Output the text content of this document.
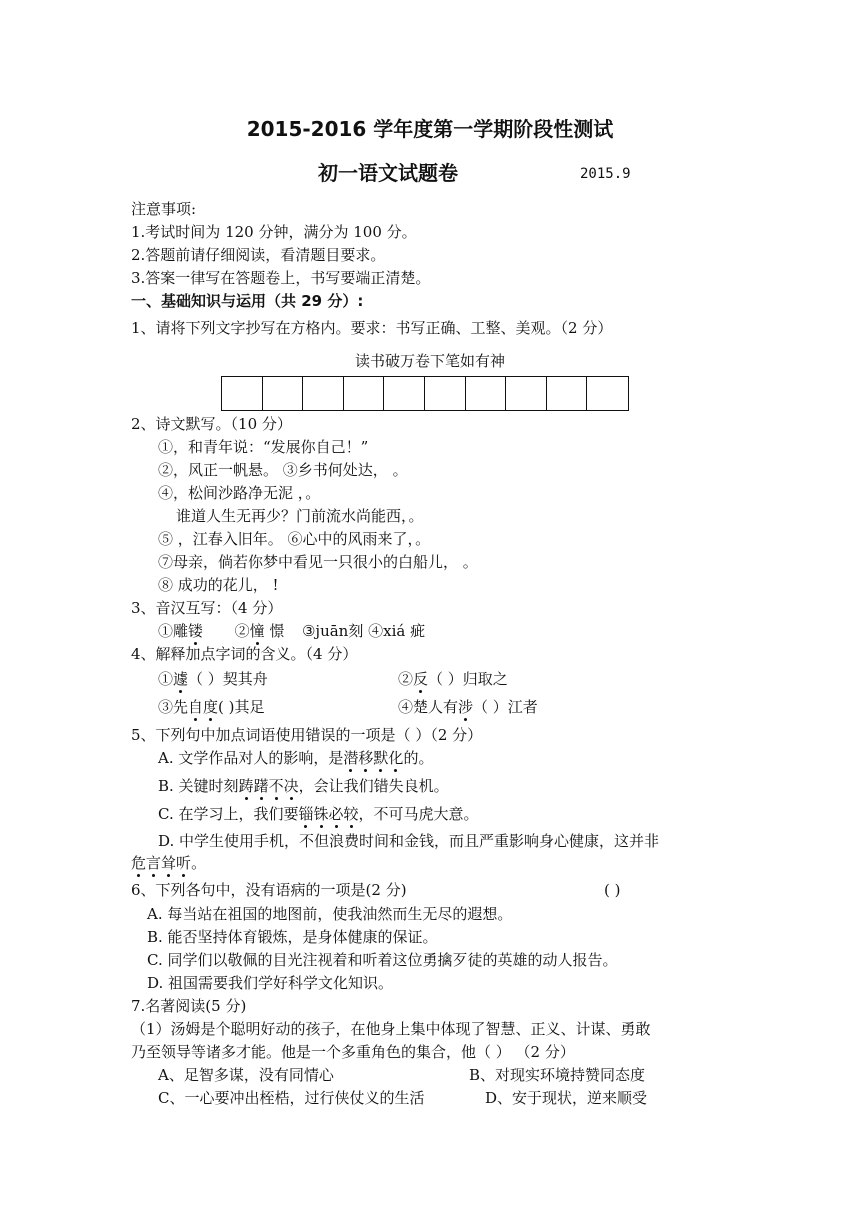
2015-2016 学年度第一学期阶段性测试
初一语文试题卷	2015.9
注意事项:
1.考试时间为 120 分钟，满分为 100 分。
2.答题前请仔细阅读，看清题目要求。
3.答案一律写在答题卷上，书写要端正清楚。
一、基础知识与运用（共 29 分）:
1、请将下列文字抄写在方格内。要求：书写正确、工整、美观。（2 分）
读书破万卷下笔如有神
2、诗文默写。（10 分）
①，和青年说：“发展你自己！”
②，风正一帆悬。 ③乡书何处达， 。
④，松间沙路净无泥 ，。
谁道人生无再少？门前流水尚能西，。
⑤ ，江春入旧年。 ⑥心中的风雨来了，。
⑦母亲，倘若你梦中看见一只很小的白船儿， 。
⑧ 成功的花儿， !
3、音汉互写：（4 分）
①雕镂 ②憧 憬 ③juān刻 ④xiá 疵
4、解释加点字词的含义。（4 分）
①遽（ ）契其舟	②反（ ）归取之
③先自度( )其足	④楚人有涉（ ）江者
5、下列句中加点词语使用错误的一项是（ ）（2 分）
A. 文学作品对人的影响，是潜移默化的。
B. 关键时刻踌躇不决，会让我们错失良机。
C. 在学习上，我们要锱铢必较，不可马虎大意。
D. 中学生使用手机，不但浪费时间和金钱，而且严重影响身心健康，这并非
危言耸听。
6、下列各句中，没有语病的一项是(2 分)	( )
A. 每当站在祖国的地图前，使我油然而生无尽的遐想。
B. 能否坚持体育锻炼，是身体健康的保证。
C. 同学们以敬佩的目光注视着和听着这位勇擒歹徒的英雄的动人报告。
D. 祖国需要我们学好科学文化知识。
7.名著阅读(5 分)
（1）汤姆是个聪明好动的孩子，在他身上集中体现了智慧、正义、计谋、勇敢
乃至领导等诸多才能。他是一个多重角色的集合，他（ ） （2 分）
A、足智多谋，没有同情心	B、对现实环境持赞同态度
C、一心要冲出桎梏，过行侠仗义的生活	D、安于现状，逆来顺受
